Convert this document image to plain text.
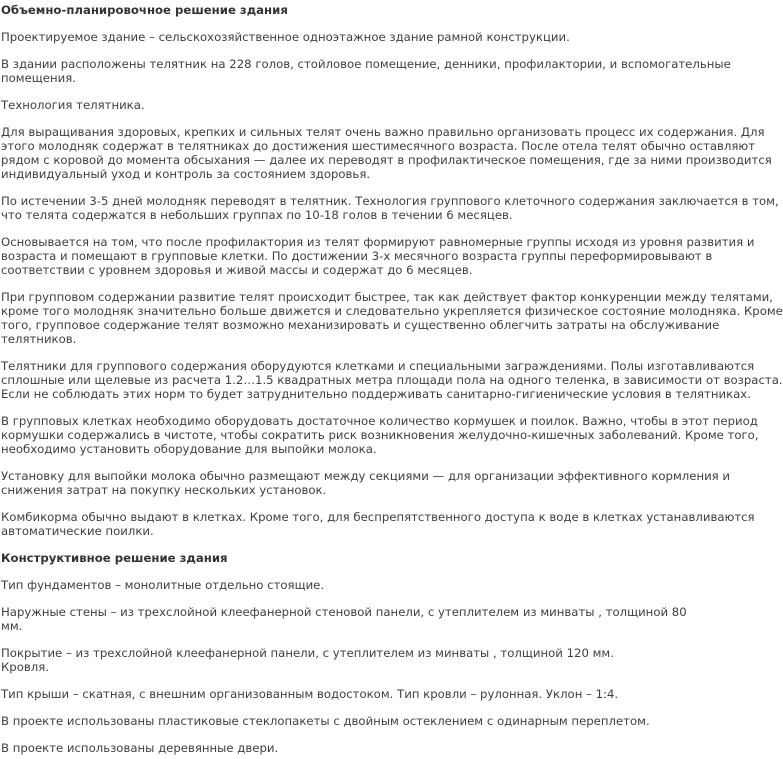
Объемно-планировочное решение здания
Проектируемое здание – сельскохозяйственное одноэтажное здание рамной конструкции.
В здании расположены телятник на 228 голов, стойловое помещение, денники, профилактории, и вспомогательные
помещения.
Технология телятника.
Для выращивания здоровых, крепких и сильных телят очень важно правильно организовать процесс их содержания. Для
этого молодняк содержат в телятниках до достижения шестимесячного возраста. После отела телят обычно оставляют
рядом с коровой до момента обсыхания — далее их переводят в профилактическое помещения, где за ними производится
индивидуальный уход и контроль за состоянием здоровья.
По истечении 3-5 дней молодняк переводят в телятник. Технология группового клеточного содержания заключается в том,
что телята содержатся в небольших группах по 10-18 голов в течении 6 месяцев.
Основывается на том, что после профилактория из телят формируют равномерные группы исходя из уровня развития и
возраста и помещают в групповые клетки. По достижении 3-х месячного возраста группы переформировывают в
соответствии с уровнем здоровья и живой массы и содержат до 6 месяцев.
При групповом содержании развитие телят происходит быстрее, так как действует фактор конкуренции между телятами,
кроме того молодняк значительно больше движется и следовательно укрепляется физическое состояние молодняка. Кроме
того, групповое содержание телят возможно механизировать и существенно облегчить затраты на обслуживание
телятников.
Телятники для группового содержания оборудуются клетками и специальными заграждениями. Полы изготавливаются
сплошные или щелевые из расчета 1.2…1.5 квадратных метра площади пола на одного теленка, в зависимости от возраста.
Если не соблюдать этих норм то будет затруднительно поддерживать санитарно-гигиенические условия в телятниках.
В групповых клетках необходимо оборудовать достаточное количество кормушек и поилок. Важно, чтобы в этот период
кормушки содержались в чистоте, чтобы сократить риск возникновения желудочно-кишечных заболеваний. Кроме того,
необходимо установить оборудование для выпойки молока.
Установку для выпойки молока обычно размещают между секциями — для организации эффективного кормления и
снижения затрат на покупку нескольких установок.
Комбикорма обычно выдают в клетках. Кроме того, для беспрепятственного доступа к воде в клетках устанавливаются
автоматические поилки.
Конструктивное решение здания
Тип фундаментов – монолитные отдельно стоящие.
Наружные стены – из трехслойной клеефанерной стеновой панели, с утеплителем из минваты , толщиной 80 мм.
Покрытие – из трехслойной клеефанерной панели, с утеплителем из минваты , толщиной 120 мм.
Кровля.
Тип крыши – скатная, с внешним организованным водостоком. Тип кровли – рулонная. Уклон – 1:4.
В проекте использованы пластиковые стеклопакеты с двойным остеклением с одинарным переплетом.
В проекте использованы деревянные двери.
